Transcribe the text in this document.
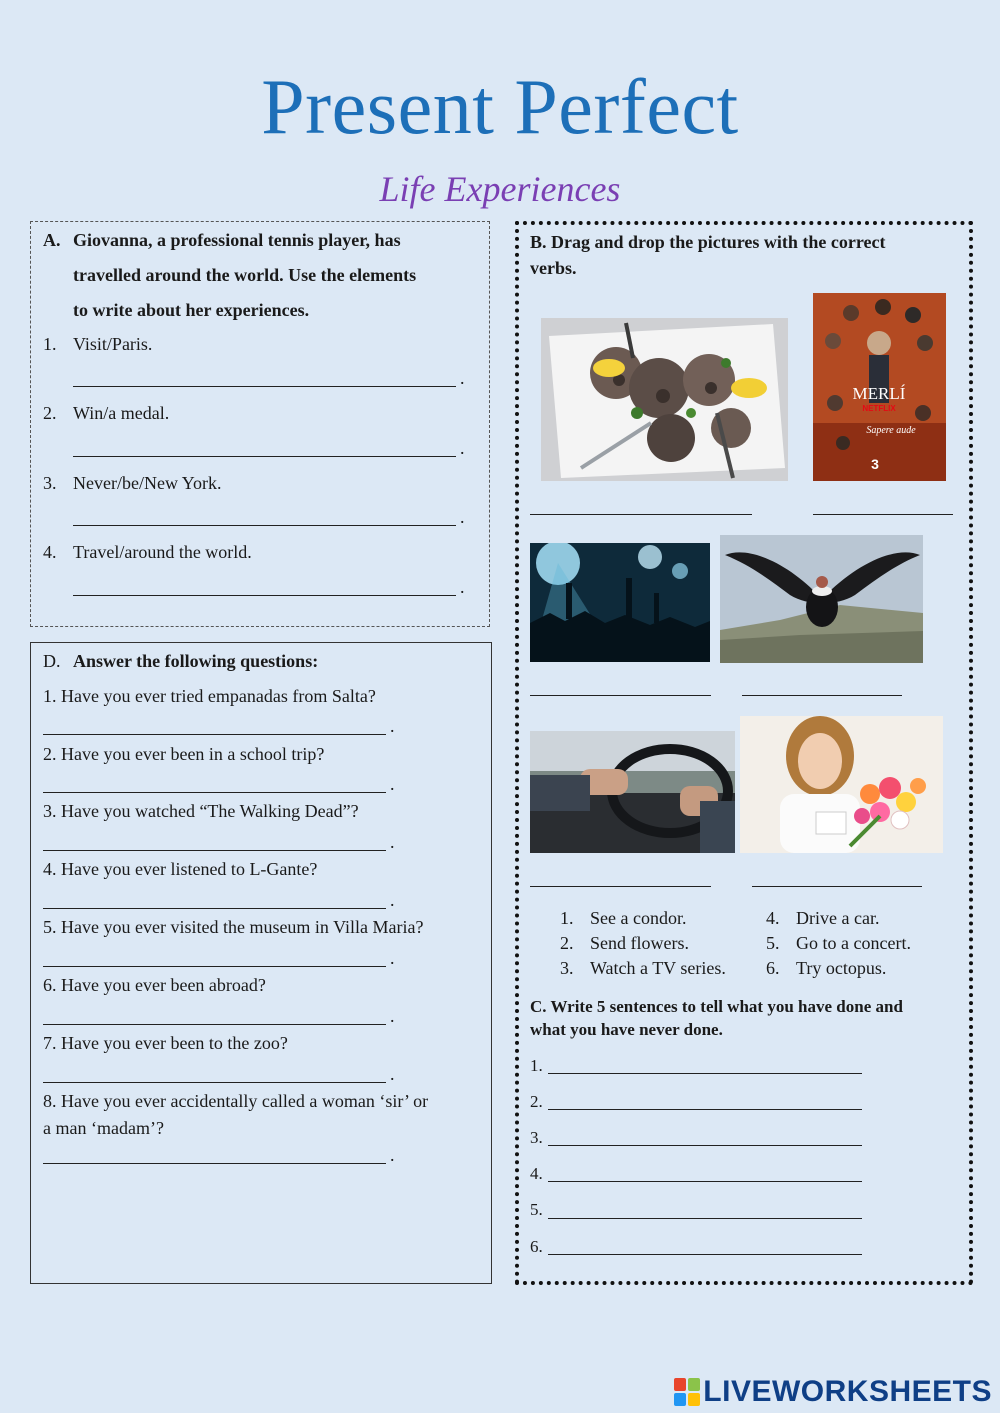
Present Perfect
Life Experiences
A. Giovanna, a professional tennis player, has
travelled around the world. Use the elements
to write about her experiences.
1. Visit/Paris.
.
2. Win/a medal.
.
3. Never/be/New York.
.
4. Travel/around the world.
.
D. Answer the following questions:
1. Have you ever tried empanadas from Salta?
.
2. Have you ever been in a school trip?
.
3. Have you watched “The Walking Dead”?
.
4. Have you ever listened to L-Gante?
.
5. Have you ever visited the museum in Villa Maria?
.
6. Have you ever been abroad?
.
7. Have you ever been to the zoo?
.
8. Have you ever accidentally called a woman ‘sir’ or
a man ‘madam’?
.
B. Drag and drop the pictures with the correct
verbs.
MERLÍ
NETFLIX
Sapere aude
3
1. See a condor.
2. Send flowers.
3. Watch a TV series.
4. Drive a car.
5. Go to a concert.
6. Try octopus.
C. Write 5 sentences to tell what you have done and
what you have never done.
1.
2.
3.
4.
5.
6.
LIVEWORKSHEETS
